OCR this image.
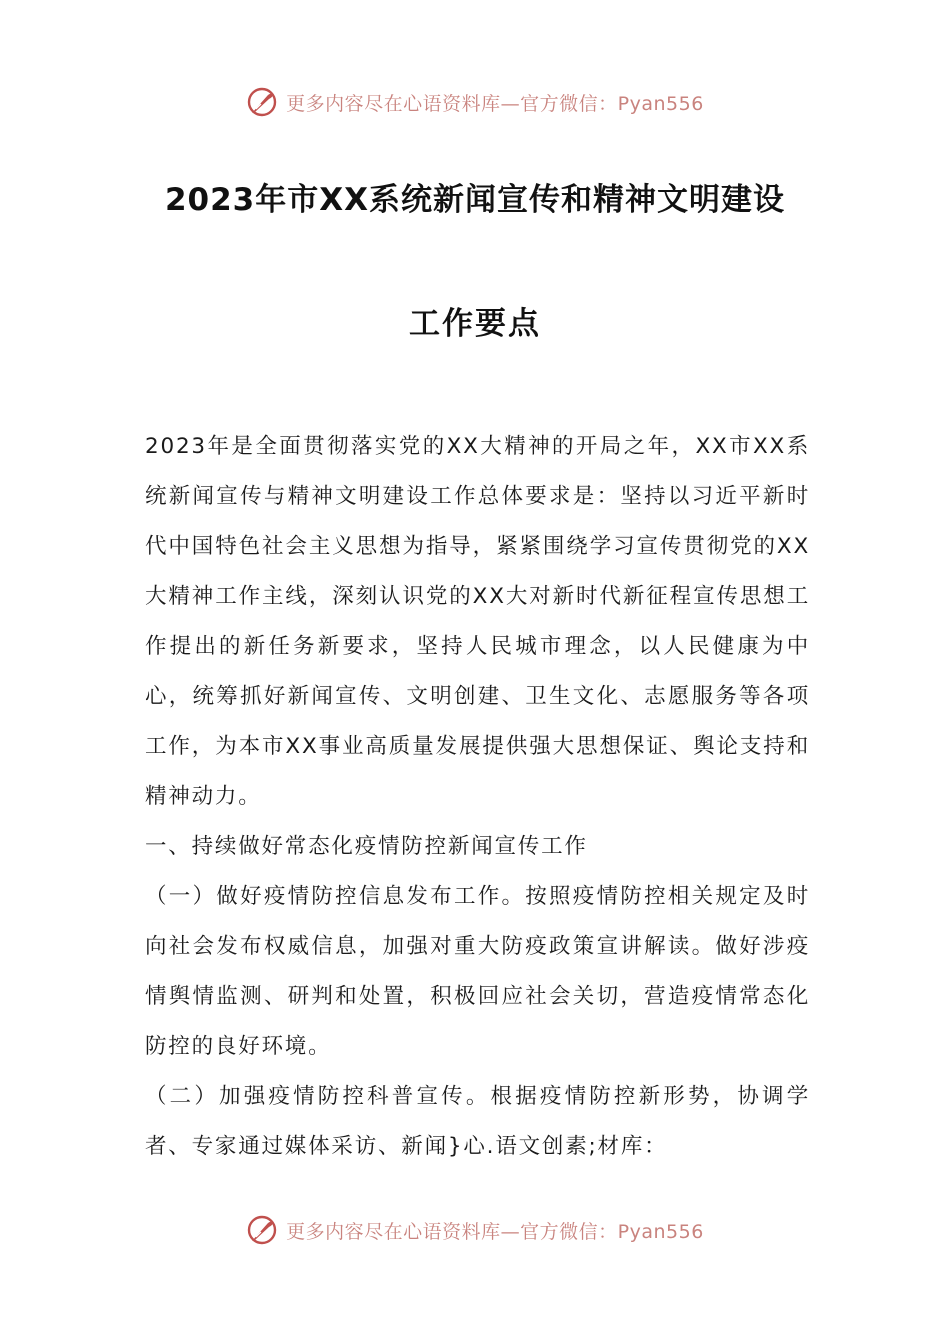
更多内容尽在心语资料库—官方微信：Pyan556
2023年市XX系统新闻宣传和精神文明建设
工作要点

2023年是全面贯彻落实党的XX大精神的开局之年，XX市XX系统新闻宣传与精神文明建设工作总体要求是：坚持以习近平新时代中国特色社会主义思想为指导，紧紧围绕学习宣传贯彻党的XX大精神工作主线，深刻认识党的XX大对新时代新征程宣传思想工作提出的新任务新要求，坚持人民城市理念，以人民健康为中心，统筹抓好新闻宣传、文明创建、卫生文化、志愿服务等各项工作，为本市XX事业高质量发展提供强大思想保证、舆论支持和精神动力。

一、持续做好常态化疫情防控新闻宣传工作

（一）做好疫情防控信息发布工作。按照疫情防控相关规定及时向社会发布权威信息，加强对重大防疫政策宣讲解读。做好涉疫情舆情监测、研判和处置，积极回应社会关切，营造疫情常态化防控的良好环境。

（二）加强疫情防控科普宣传。根据疫情防控新形势，协调学者、专家通过媒体采访、新闻}心.语文创素;材库：

更多内容尽在心语资料库—官方微信：Pyan556
